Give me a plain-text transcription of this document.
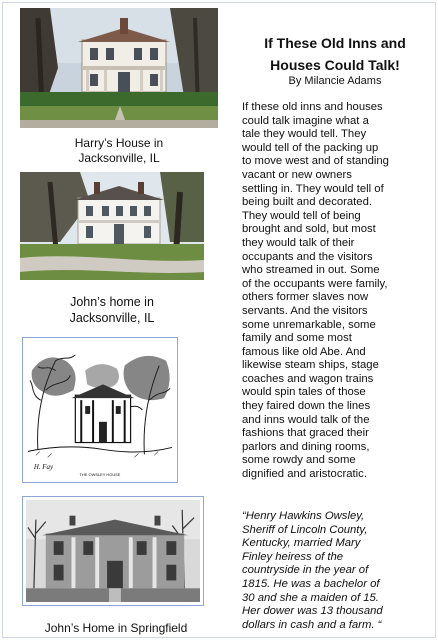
Harry’s House in
Jacksonville, IL
John’s home in
Jacksonville, IL
H. Fay
THE OWSLEY HOUSE
John’s Home in Springfield
If These Old Inns and
Houses Could Talk!
By Milancie Adams
If these old inns and houses
could talk imagine what a
tale they would tell. They
would tell of the packing up
to move west and of standing
vacant or new owners
settling in. They would tell of
being built and decorated.
They would tell of being
brought and sold, but most
they would talk of their
occupants and the visitors
who streamed in out. Some
of the occupants were family,
others former slaves now
servants. And the visitors
some unremarkable, some
family and some most
famous like old Abe. And
likewise steam ships, stage
coaches and wagon trains
would spin tales of those
they faired down the lines
and inns would talk of the
fashions that graced their
parlors and dining rooms,
some rowdy and some
dignified and aristocratic.
“Henry Hawkins Owsley,
Sheriff of Lincoln County,
Kentucky, married Mary
Finley heiress of the
countryside in the year of
1815. He was a bachelor of
30 and she a maiden of 15.
Her dower was 13 thousand
dollars in cash and a farm. “
